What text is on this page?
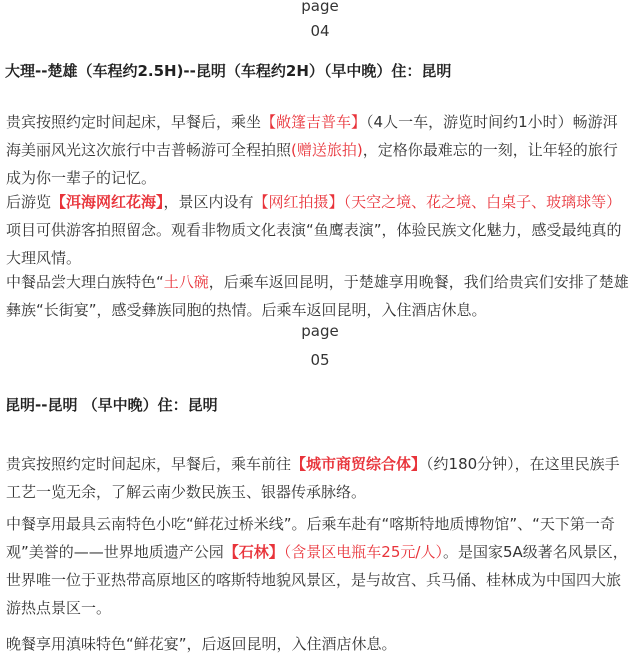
page
04
大理--楚雄（车程约2.5H)--昆明（车程约2H）（早中晚）住：昆明
贵宾按照约定时间起床，早餐后，乘坐【敞篷吉普车】（4人一车，游览时间约1小时）畅游洱海美丽风光这次旅行中吉普畅游可全程拍照(赠送旅拍)，定格你最难忘的一刻，让年轻的旅行成为你一辈子的记忆。
后游览【洱海网红花海】，景区内设有【网红拍摄】（天空之境、花之境、白桌子、玻璃球等）项目可供游客拍照留念。观看非物质文化表演“鱼鹰表演”，体验民族文化魅力，感受最纯真的大理风情。
中餐品尝大理白族特色“土八碗，后乘车返回昆明，于楚雄享用晚餐，我们给贵宾们安排了楚雄彝族“长街宴”，感受彝族同胞的热情。后乘车返回昆明，入住酒店休息。
page
05
昆明--昆明 （早中晚）住：昆明
贵宾按照约定时间起床，早餐后，乘车前往【城市商贸综合体】（约180分钟），在这里民族手工艺一览无余，了解云南少数民族玉、银器传承脉络。
中餐享用最具云南特色小吃“鲜花过桥米线”。后乘车赴有“喀斯特地质博物馆”、“天下第一奇观”美誉的——世界地质遗产公园【石林】（含景区电瓶车25元/人）。是国家5A级著名风景区，世界唯一位于亚热带高原地区的喀斯特地貌风景区，是与故宫、兵马俑、桂林成为中国四大旅游热点景区一。
晚餐享用滇味特色“鲜花宴”，后返回昆明，入住酒店休息。
